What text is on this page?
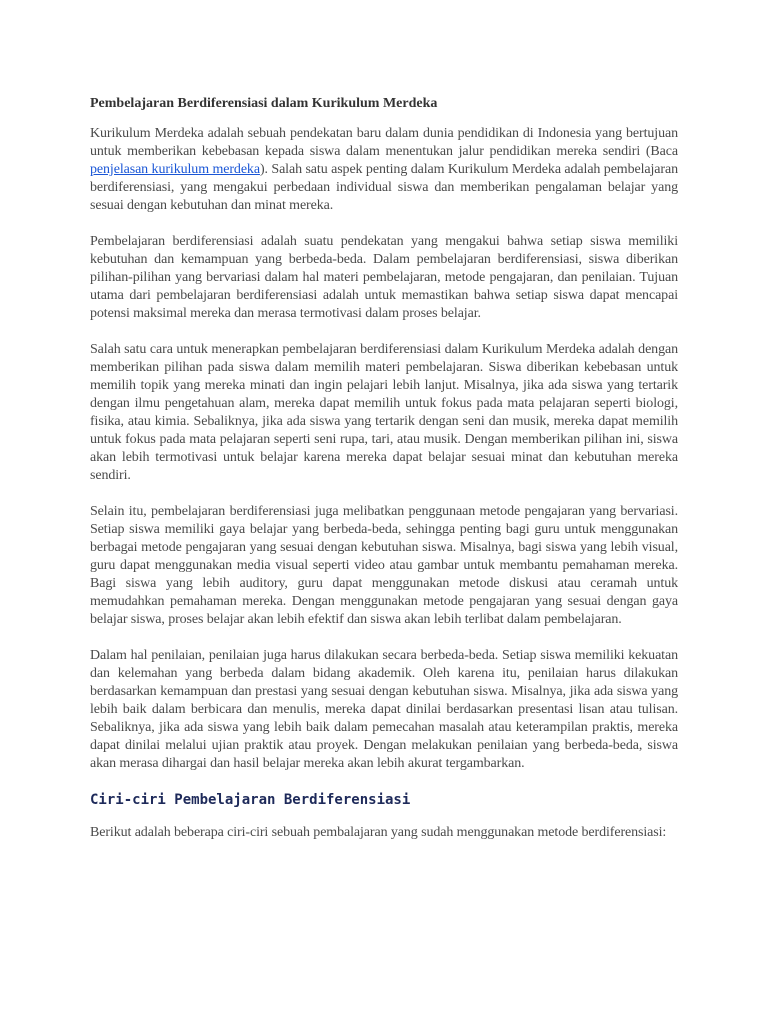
Pembelajaran Berdiferensiasi dalam Kurikulum Merdeka

Kurikulum Merdeka adalah sebuah pendekatan baru dalam dunia pendidikan di Indonesia yang bertujuan untuk memberikan kebebasan kepada siswa dalam menentukan jalur pendidikan mereka sendiri (Baca penjelasan kurikulum merdeka). Salah satu aspek penting dalam Kurikulum Merdeka adalah pembelajaran berdiferensiasi, yang mengakui perbedaan individual siswa dan memberikan pengalaman belajar yang sesuai dengan kebutuhan dan minat mereka.

Pembelajaran berdiferensiasi adalah suatu pendekatan yang mengakui bahwa setiap siswa memiliki kebutuhan dan kemampuan yang berbeda-beda. Dalam pembelajaran berdiferensiasi, siswa diberikan pilihan-pilihan yang bervariasi dalam hal materi pembelajaran, metode pengajaran, dan penilaian. Tujuan utama dari pembelajaran berdiferensiasi adalah untuk memastikan bahwa setiap siswa dapat mencapai potensi maksimal mereka dan merasa termotivasi dalam proses belajar.

Salah satu cara untuk menerapkan pembelajaran berdiferensiasi dalam Kurikulum Merdeka adalah dengan memberikan pilihan pada siswa dalam memilih materi pembelajaran. Siswa diberikan kebebasan untuk memilih topik yang mereka minati dan ingin pelajari lebih lanjut. Misalnya, jika ada siswa yang tertarik dengan ilmu pengetahuan alam, mereka dapat memilih untuk fokus pada mata pelajaran seperti biologi, fisika, atau kimia. Sebaliknya, jika ada siswa yang tertarik dengan seni dan musik, mereka dapat memilih untuk fokus pada mata pelajaran seperti seni rupa, tari, atau musik. Dengan memberikan pilihan ini, siswa akan lebih termotivasi untuk belajar karena mereka dapat belajar sesuai minat dan kebutuhan mereka sendiri.

Selain itu, pembelajaran berdiferensiasi juga melibatkan penggunaan metode pengajaran yang bervariasi. Setiap siswa memiliki gaya belajar yang berbeda-beda, sehingga penting bagi guru untuk menggunakan berbagai metode pengajaran yang sesuai dengan kebutuhan siswa. Misalnya, bagi siswa yang lebih visual, guru dapat menggunakan media visual seperti video atau gambar untuk membantu pemahaman mereka. Bagi siswa yang lebih auditory, guru dapat menggunakan metode diskusi atau ceramah untuk memudahkan pemahaman mereka. Dengan menggunakan metode pengajaran yang sesuai dengan gaya belajar siswa, proses belajar akan lebih efektif dan siswa akan lebih terlibat dalam pembelajaran.

Dalam hal penilaian, penilaian juga harus dilakukan secara berbeda-beda. Setiap siswa memiliki kekuatan dan kelemahan yang berbeda dalam bidang akademik. Oleh karena itu, penilaian harus dilakukan berdasarkan kemampuan dan prestasi yang sesuai dengan kebutuhan siswa. Misalnya, jika ada siswa yang lebih baik dalam berbicara dan menulis, mereka dapat dinilai berdasarkan presentasi lisan atau tulisan. Sebaliknya, jika ada siswa yang lebih baik dalam pemecahan masalah atau keterampilan praktis, mereka dapat dinilai melalui ujian praktik atau proyek. Dengan melakukan penilaian yang berbeda-beda, siswa akan merasa dihargai dan hasil belajar mereka akan lebih akurat tergambarkan.

Ciri-ciri Pembelajaran Berdiferensiasi

Berikut adalah beberapa ciri-ciri sebuah pembalajaran yang sudah menggunakan metode berdiferensiasi:
